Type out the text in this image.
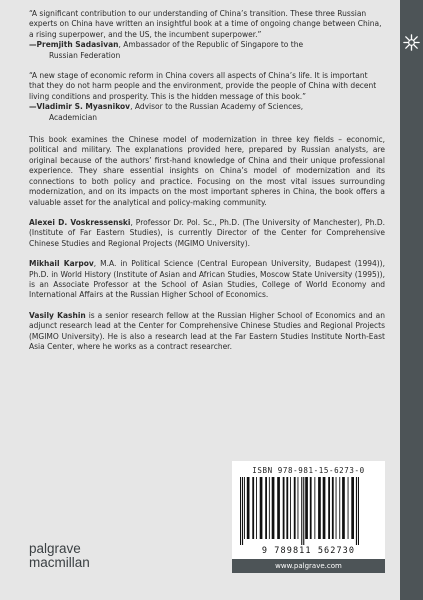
“A significant contribution to our understanding of China’s transition. These three Russian experts on China have written an insightful book at a time of ongoing change between China, a rising superpower, and the US, the incumbent superpower.”
—Premjith Sadasivan, Ambassador of the Republic of Singapore to the
Russian Federation
“A new stage of economic reform in China covers all aspects of China’s life. It is important that they do not harm people and the environment, provide the people of China with decent living conditions and prosperity. This is the hidden message of this book.”
—Vladimir S. Myasnikov, Advisor to the Russian Academy of Sciences,
Academician

This book examines the Chinese model of modernization in three key fields – economic, political and military. The explanations provided here, prepared by Russian analysts, are original because of the authors’ first-hand knowledge of China and their unique professional experience. They share essential insights on China’s model of modernization and its connections to both policy and practice. Focusing on the most vital issues surrounding modernization, and on its impacts on the most important spheres in China, the book offers a valuable asset for the analytical and policy-making community.

Alexei D. Voskressenski, Professor Dr. Pol. Sc., Ph.D. (The University of Manchester), Ph.D. (Institute of Far Eastern Studies), is currently Director of the Center for Comprehensive Chinese Studies and Regional Projects (MGIMO University).

Mikhail Karpov, M.A. in Political Science (Central European University, Budapest (1994)), Ph.D. in World History (Institute of Asian and African Studies, Moscow State University (1995)), is an Associate Professor at the School of Asian Studies, College of World Economy and International Affairs at the Russian Higher School of Economics.

Vasily Kashin is a senior research fellow at the Russian Higher School of Economics and an adjunct research lead at the Center for Comprehensive Chinese Studies and Regional Projects (MGIMO University). He is also a research lead at the Far Eastern Studies Institute North-East Asia Center, where he works as a contract researcher.

palgrave
macmillan
ISBN 978-981-15-6273-0
9 789811 562730
www.palgrave.com
